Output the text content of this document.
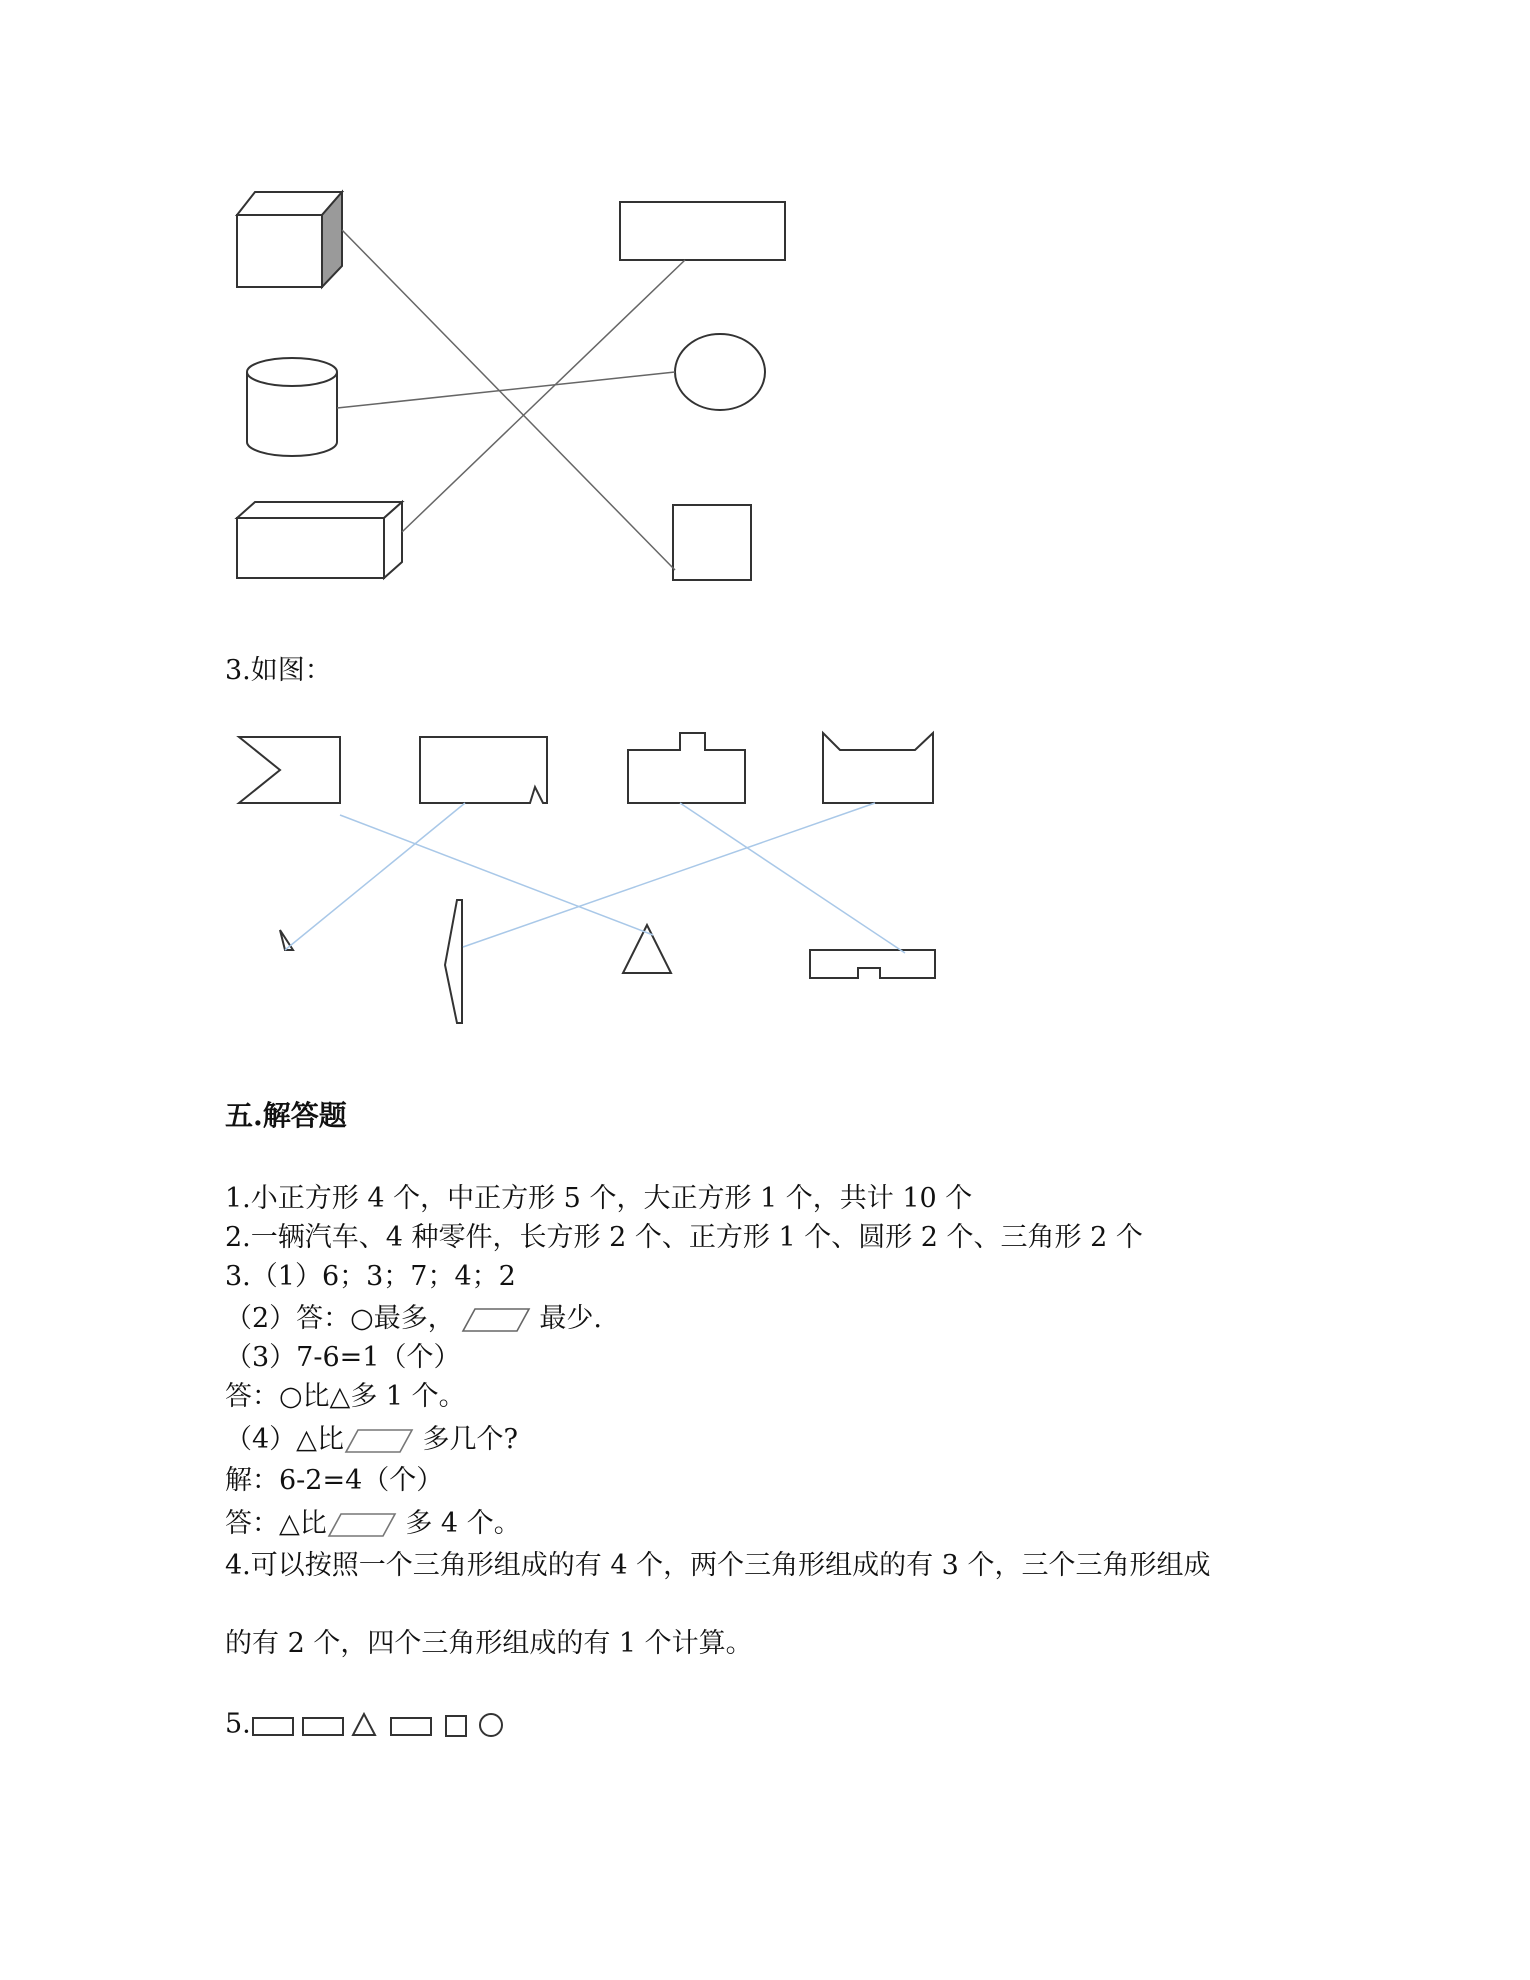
3.如图：
五.解答题
1.小正方形 4 个，中正方形 5 个，大正方形 1 个，共计 10 个
2.一辆汽车、4 种零件，长方形 2 个、正方形 1 个、圆形 2 个、三角形 2 个
3.（1）6；3；7；4；2
（2）答：○最多，	最少.
（3）7-6=1（个）
答：○比△多 1 个。
（4）△比	多几个?
解：6-2=4（个）
答：△比	多 4 个。
4.可以按照一个三角形组成的有 4 个，两个三角形组成的有 3 个，三个三角形组成
的有 2 个，四个三角形组成的有 1 个计算。
5.
